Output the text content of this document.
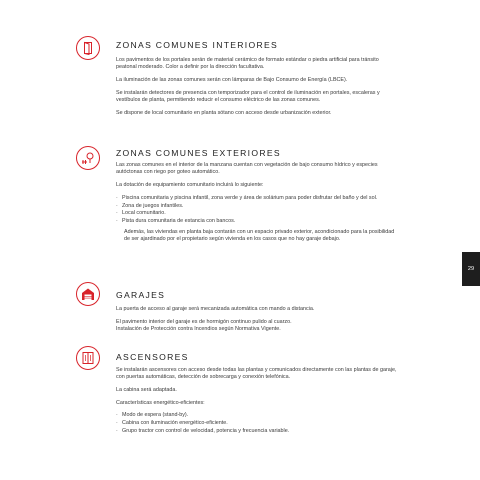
ZONAS COMUNES INTERIORES

Los pavimentos de los portales serán de material cerámico de formato estándar o piedra artificial para tránsito peatonal moderado. Color a definir por la dirección facultativa.

La iluminación de las zonas comunes serán con lámparas de Bajo Consumo de Energía (LBCE).

Se instalarán detectores de presencia con temporizador para el control de iluminación en portales, escaleras y vestíbulos de planta, permitiendo reducir el consumo eléctrico de las zonas comunes.

Se dispone de local comunitario en planta sótano con acceso desde urbanización exterior.

ZONAS COMUNES EXTERIORES

Las zonas comunes en el interior de la manzana cuentan con vegetación de bajo consumo hídrico y especies autóctonas con riego por goteo automático.

La dotación de equipamiento comunitario incluirá lo siguiente:

· Piscina comunitaria y piscina infantil, zona verde y área de solárium para poder disfrutar del baño y del sol.
· Zona de juegos infantiles.
· Local comunitario.
· Pista dura comunitaria de estancia con bancos.

Además, las viviendas en planta baja contarán con un espacio privado exterior, acondicionado para la posibilidad de ser ajardinado por el propietario según vivienda en los casos que no hay garaje debajo.

GARAJES

La puerta de acceso al garaje será mecanizada automática con mando a distancia.

El pavimento interior del garaje es de hormigón continuo pulido al cuarzo.

Instalación de Protección contra Incendios según Normativa Vigente.

ASCENSORES

Se instalarán ascensores con acceso desde todas las plantas y comunicados directamente con las plantas de garaje, con puertas automáticas, detección de sobrecarga y conexión telefónica.

La cabina será adaptada.

Características energético-eficientes:

· Modo de espera (stand-by).
· Cabina con iluminación energético-eficiente.
· Grupo tractor con control de velocidad, potencia y frecuencia variable.
29
